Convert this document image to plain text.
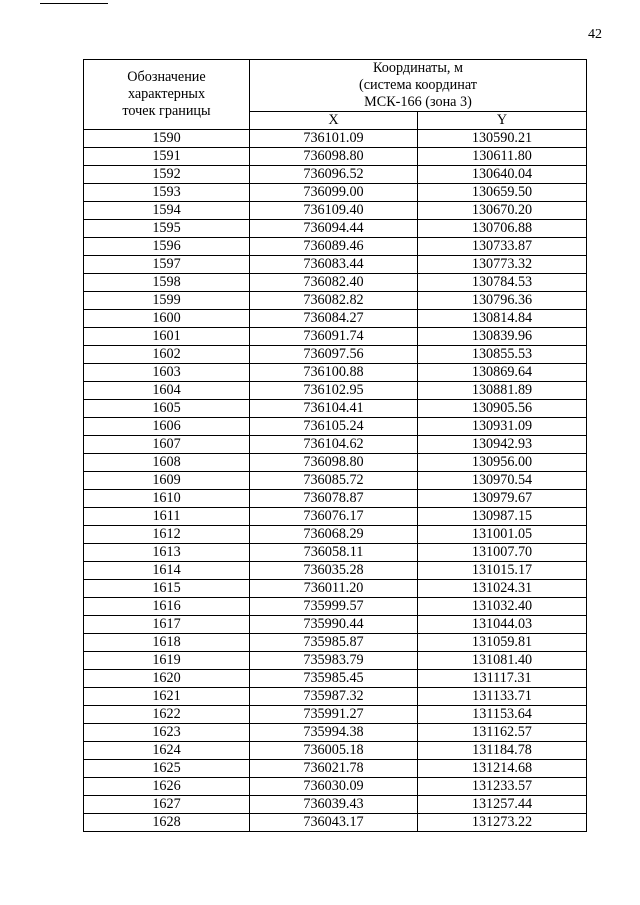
42
Обозначение
характерных
точек границы	Координаты, м
(система координат
МСК-166 (зона 3)	

	X	Y
1590	736101.09	130590.21
1591	736098.80	130611.80
1592	736096.52	130640.04
1593	736099.00	130659.50
1594	736109.40	130670.20
1595	736094.44	130706.88
1596	736089.46	130733.87
1597	736083.44	130773.32
1598	736082.40	130784.53
1599	736082.82	130796.36
1600	736084.27	130814.84
1601	736091.74	130839.96
1602	736097.56	130855.53
1603	736100.88	130869.64
1604	736102.95	130881.89
1605	736104.41	130905.56
1606	736105.24	130931.09
1607	736104.62	130942.93
1608	736098.80	130956.00
1609	736085.72	130970.54
1610	736078.87	130979.67
1611	736076.17	130987.15
1612	736068.29	131001.05
1613	736058.11	131007.70
1614	736035.28	131015.17
1615	736011.20	131024.31
1616	735999.57	131032.40
1617	735990.44	131044.03
1618	735985.87	131059.81
1619	735983.79	131081.40
1620	735985.45	131117.31
1621	735987.32	131133.71
1622	735991.27	131153.64
1623	735994.38	131162.57
1624	736005.18	131184.78
1625	736021.78	131214.68
1626	736030.09	131233.57
1627	736039.43	131257.44
1628	736043.17	131273.22
